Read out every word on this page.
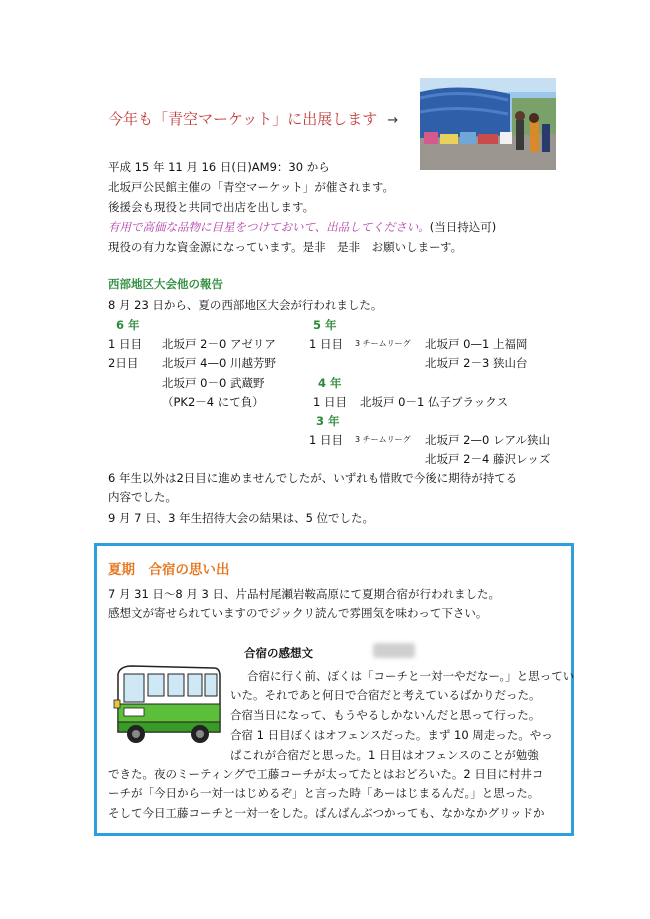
今年も「青空マーケット」に出展します →
平成 15 年 11 月 16 日(日)AM9：30 から
北坂戸公民館主催の「青空マーケット」が催されます。
後援会も現役と共同で出店を出します。
有用で高価な品物に目星をつけておいて、出品してください。(当日持込可)
現役の有力な資金源になっています。是非　是非　お願いしまーす。
西部地区大会他の報告
8 月 23 日から、夏の西部地区大会が行われました。
6 年
1 日目 北坂戸 2－0 アゼリア
2日目 北坂戸 4—0 川越芳野
北坂戸 0－0 武蔵野
（PK2－4 にて負）
5 年
1 日目 3 チームリーグ 北坂戸 0—1 上福岡
北坂戸 2－3 狭山台
4 年
1 日目 北坂戸 0－1 仏子ブラックス
3 年
1 日目 3 チームリーグ 北坂戸 2—0 レアル狭山
北坂戸 2－4 藤沢レッズ
6 年生以外は2日目に進めませんでしたが、いずれも惜敗で今後に期待が持てる
内容でした。
9 月 7 日、3 年生招待大会の結果は、5 位でした。
夏期　合宿の思い出
7 月 31 日～8 月 3 日、片品村尾瀬岩鞍高原にて夏期合宿が行われました。
感想文が寄せられていますのでジックリ読んで雰囲気を味わって下さい。
合宿の感想文
合宿に行く前、ぼくは「コーチと一対一やだなー。」と思ってい
いた。それであと何日で合宿だと考えているばかりだった。
合宿当日になって、もうやるしかないんだと思って行った。
合宿 1 日目ぼくはオフェンスだった。まず 10 周走った。やっ
ぱこれが合宿だと思った。1 日目はオフェンスのことが勉強
できた。夜のミーティングで工藤コーチが太ってたとはおどろいた。2 日目に村井コ
ーチが「今日から一対一はじめるぞ」と言った時「あーはじまるんだ。」と思った。
そして今日工藤コーチと一対一をした。ばんばんぶつかっても、なかなかグリッドか
